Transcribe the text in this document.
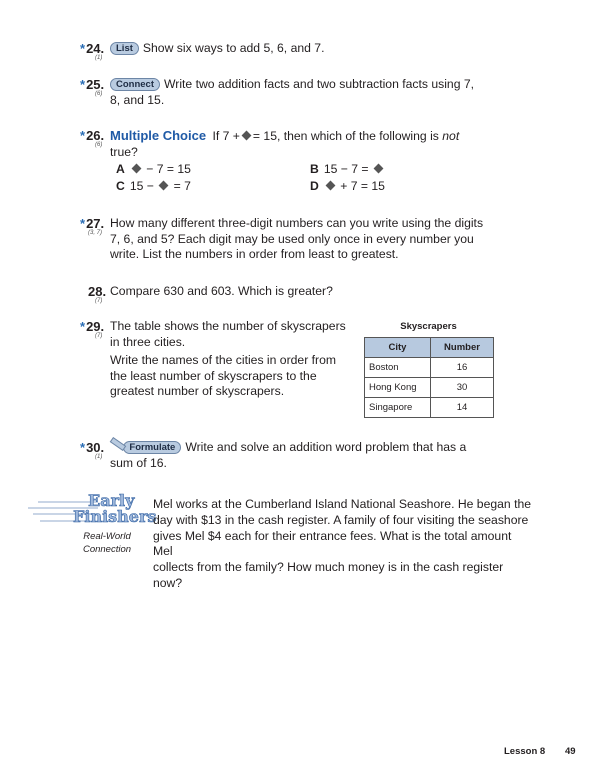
*24.
(1)
List Show six ways to add 5, 6, and 7.
*25.
(6)
Connect Write two addition facts and two subtraction facts using 7,
8, and 15.
*26.
(6)
Multiple Choice If 7 + = 15, then which of the following is not
true?
A − 7 = 15	B 15 − 7 =
C 15 − = 7	D + 7 = 15
*27.
(3, 7)
How many different three-digit numbers can you write using the digits
7, 6, and 5? Each digit may be used only once in every number you
write. List the numbers in order from least to greatest.
28.
(7)
Compare 630 and 603. Which is greater?
*29.
(7)
The table shows the number of skyscrapers
in three cities.
Write the names of the cities in order from
the least number of skyscrapers to the
greatest number of skyscrapers.
Skyscrapers
City	Number
Boston	16
Hong Kong	30
Singapore	14
*30.
(1)
Formulate Write and solve an addition word problem that has a
sum of 16.
Early
Finishers
Real-World
Connection
Mel works at the Cumberland Island National Seashore. He began the
day with $13 in the cash register. A family of four visiting the seashore
gives Mel $4 each for their entrance fees. What is the total amount Mel
collects from the family? How much money is in the cash register now?
Lesson 8 49
